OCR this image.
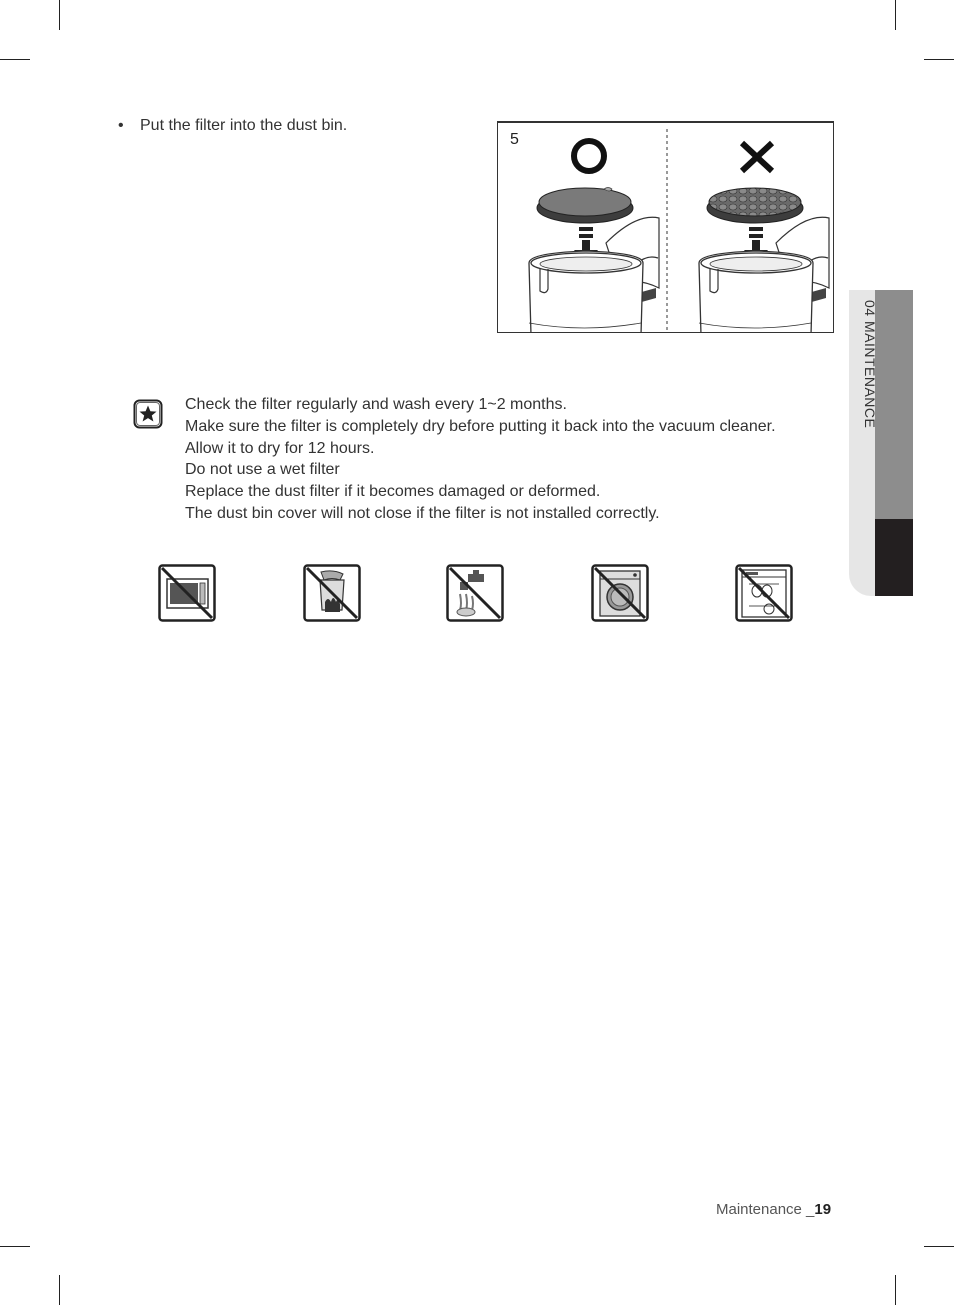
• Put the filter into the dust bin.
5
04 MAINTENANCE
Check the filter regularly and wash every 1~2 months.
Make sure the filter is completely dry before putting it back into the vacuum cleaner.
Allow it to dry for 12 hours.
Do not use a wet filter
Replace the dust filter if it becomes damaged or deformed.
The dust bin cover will not close if the filter is not installed correctly.
Maintenance _19
